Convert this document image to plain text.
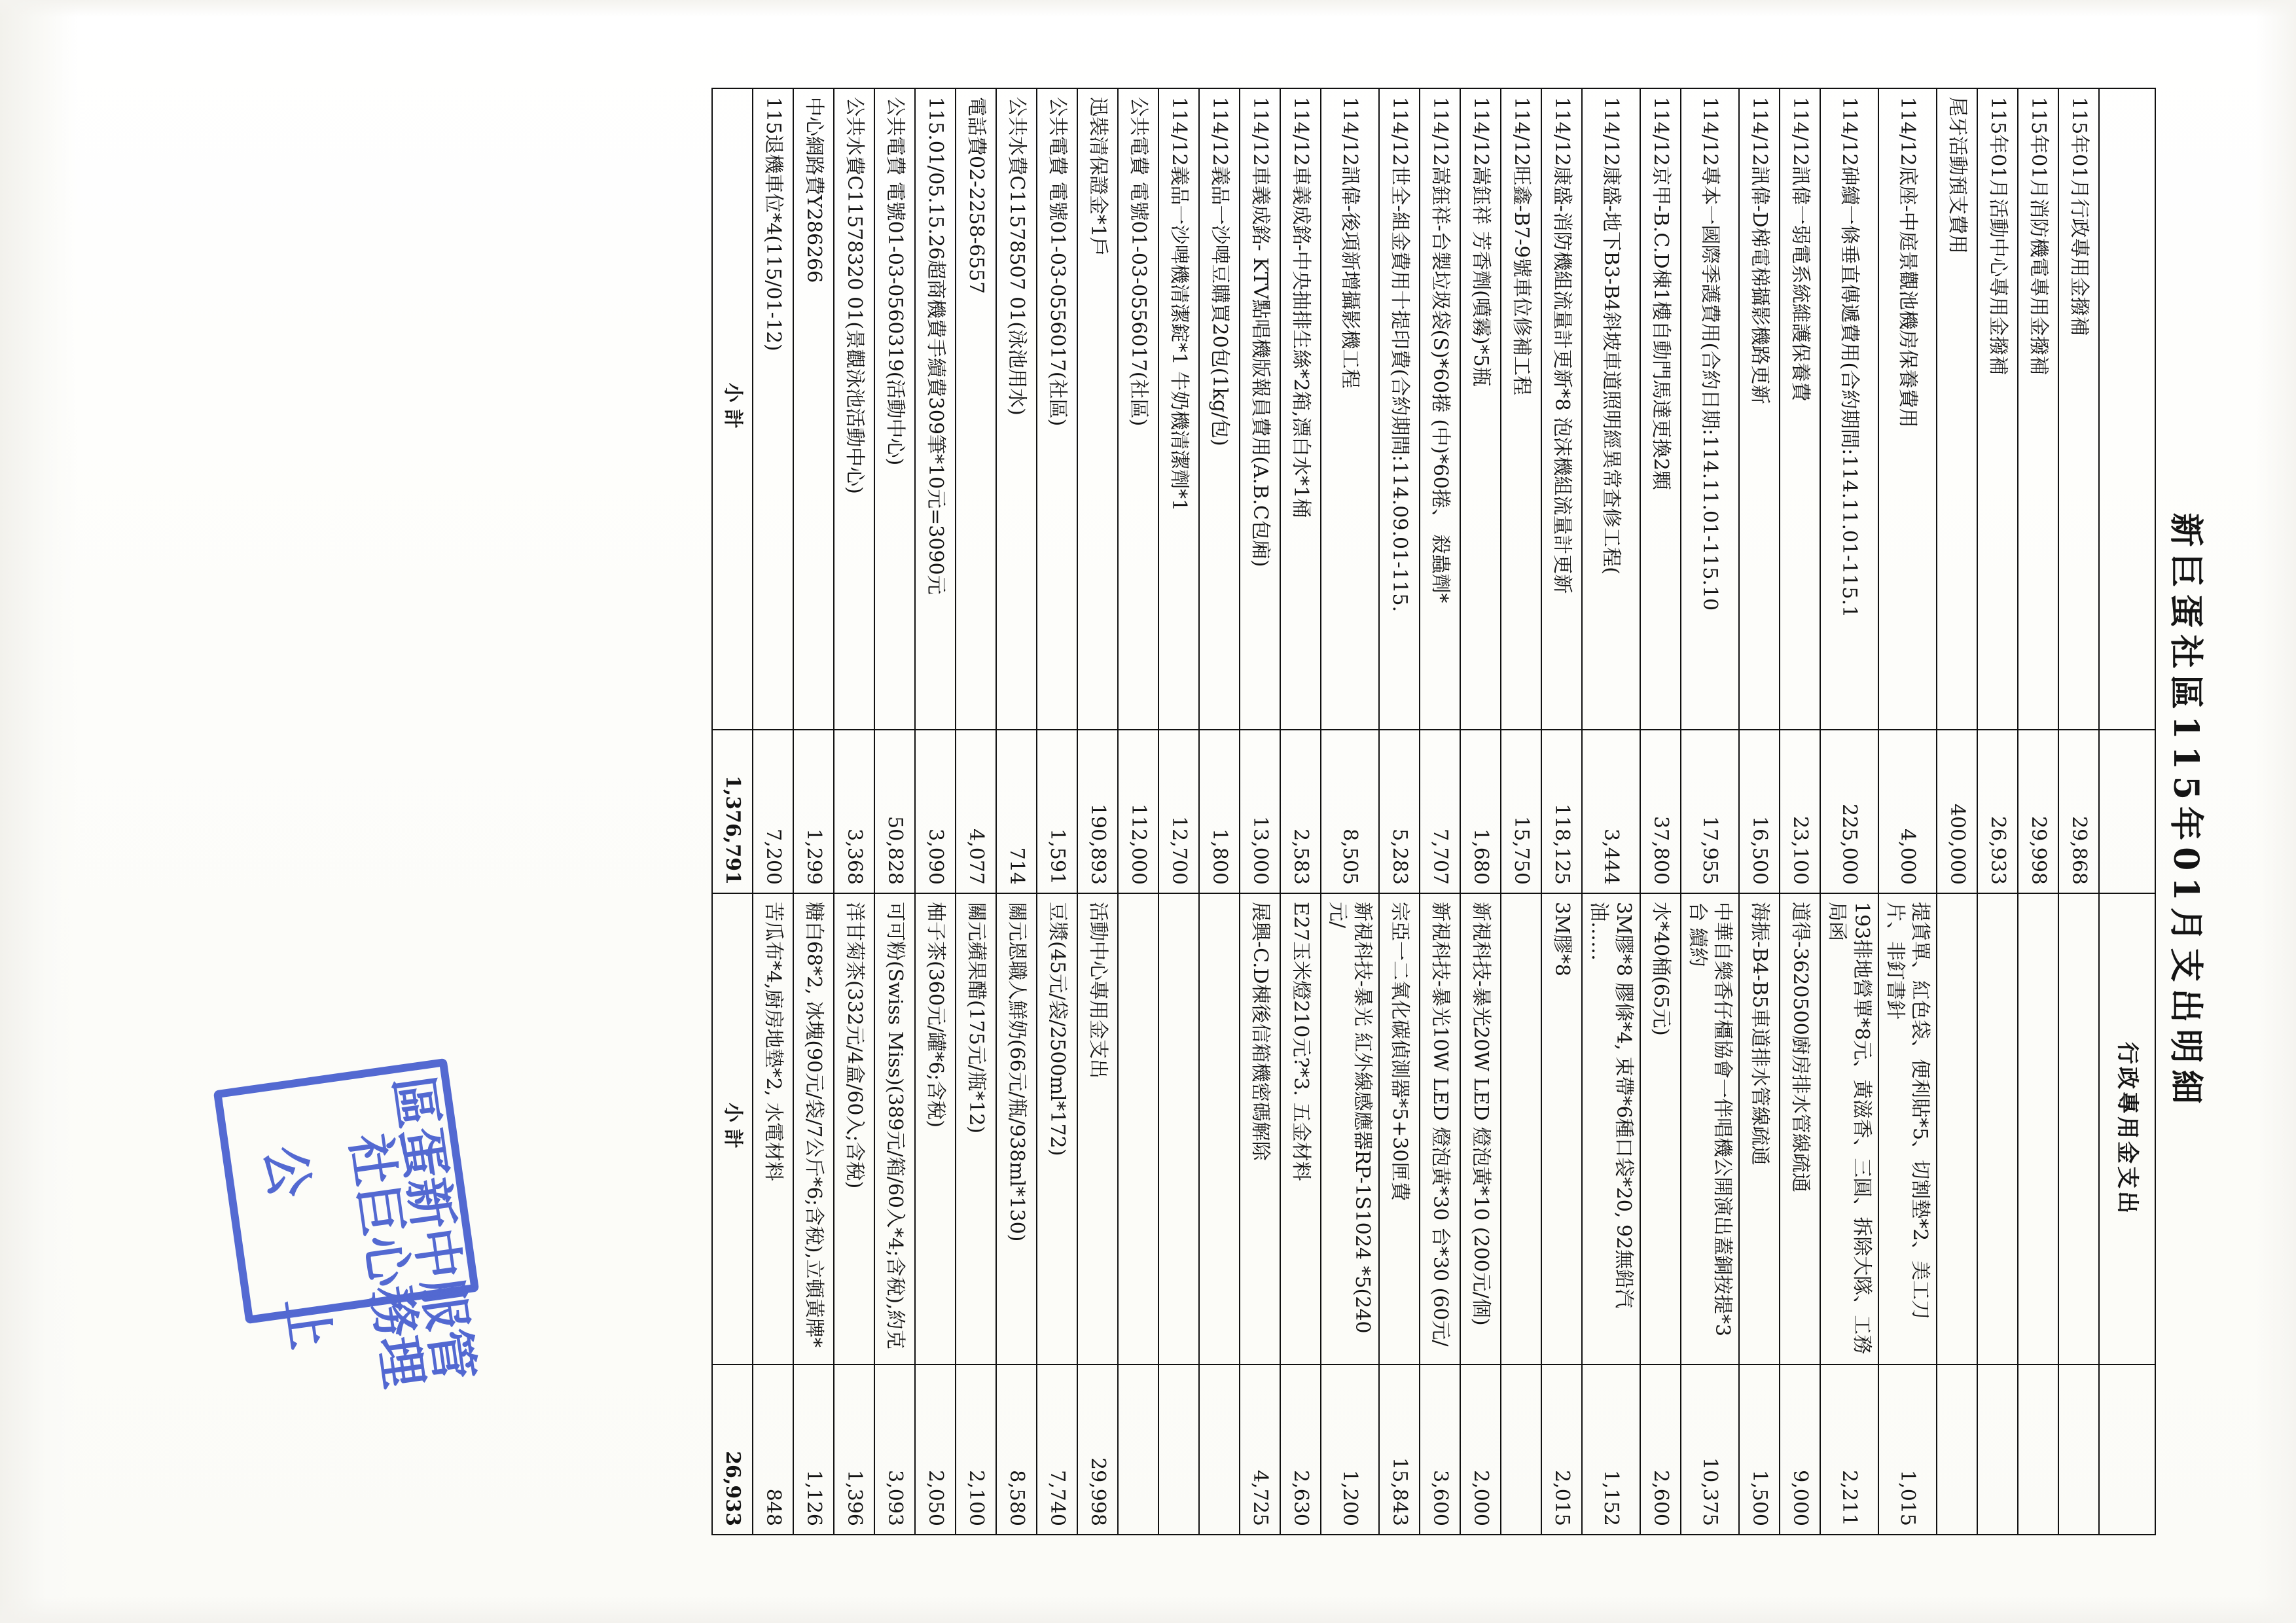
新巨蛋社區115年01月支出明細
		行政專用金支出	
115年01月行政專用金撥補	29,868		
115年01月消防機電專用金撥補	29,998		
115年01月活動中心專用金撥補	26,933		
尾牙活動預支費用	400,000		
114/12底座-中庭景觀池機房保養費用	4,000	提貨單、紅色袋、便利貼*5、切割墊*2、美工刀片、非釘書針	1,015
114/12砷續一條垂直傳遞費用(合約期間:114.11.01-115.1	225,000	193排地營單*8元、黃滋香、三圓、拆除大隊、工務局函	2,211
114/12訊偉一弱電系統維護保養費	23,100	道得-3620500廚房排水管線疏通	9,000
114/12訊偉-D梯電梯攝影機路更新	16,500	海振-B4-B5車道排水管線疏通	1,500
114/12專本一國際季護費用(合約日期:114.11.01-115.10	17,955	中華自樂香仔橿協會一伴唱機公開演出蓋銅按提*3台 續約	10,375
114/12京甲-B.C.D棟1樓自動門馬達更換2顆	37,800	水*40桶(65元)	2,600
114/12康盛-地下B3-B4斜坡車道照明經異常查修工程(	3,444	3M膠*8 膠條*4, 束帶*6種口袋*20, 92無鉛汽油……	1,152
114/12康盛-消防機組流量計更新*8 泡沫機組流量計更新	118,125	3M膠*8	2,015
114/12旺鑫-B7-9號車位修補工程	15,750		
114/12嵩鈺祥 芳香劑(噴霧)*5瓶	1,680	新視科技-暴光20W LED 燈泡黃*10 (200元/個)	2,000
114/12嵩鈺祥-台製垃圾袋(S)*60捲 (中)*60捲、 殺蟲劑*	7,707	新視科技-暴光10W LED 燈泡黃*30 台*30 (60元/	3,600
114/12世全-組金費用十提印費(合約期間:114.09.01-115.	5,283	宗亞一二氧化碳偵測器*5+30匣費	15,843
114/12訊偉-後項新增攝影機工程	8,505	新視科技-暴光 紅外線感應器RP-1S1024 *5(240元/	1,200
114/12車義成銘-中央抽排生絲*2箱,漂白水*1桶	2,583	E27玉米燈210元?*3. 五金材料	2,630
114/12車義成銘- KTV點唱機版報員費用(A.B.C包廂)	13,000	展興-C.D棟後信箱機密碼解除	4,725
114/12義品一沙啤豆購買20包(1kg/包)	1,800		
114/12義品一沙啤機清潔錠*1 牛奶機清潔劑*1	12,700		
公共電費 電號01-03-0556017(社區)	112,000		
迅裝清保證金*1戶	190,893	活動中心專用金支出	29,998
公共電費 電號01-03-0556017(社區)	1,591	豆漿(45元/袋/2500ml*172)	7,740
公共水費C11578507 01(泳池用水)	714	關元恩職人鮮奶(66元/瓶/938ml*130)	8,580
電話費02-2258-6557	4,077	關元蘋果醋(175元/瓶*12)	2,100
115.01/05.15.26超商機費手續費309筆*10元=3090元	3,090	柚子茶(360元/罐*6;含稅)	2,050
公共電費 電號01-03-0560319(活動中心)	50,828	可可粉(Swiss Miss)(389元/箱/60入*4;含稅),約克	3,093
公共水費C11578320 01(景觀泳池活動中心)	3,368	洋甘菊茶(332元/4盒/60入;含稅)	1,396
中心網路費Y286266	1,299	糖白68*2, 冰塊(90元/袋/7公斤*6;含稅),立頓黃牌*	1,126
115退機車位*4(115/01-12)	7,200	苦瓜布*4,廚房地墊*2, 水電材料	848
小計	1,376,791	小計	26,933
新巨蛋社區
管理服務中心
公
止
